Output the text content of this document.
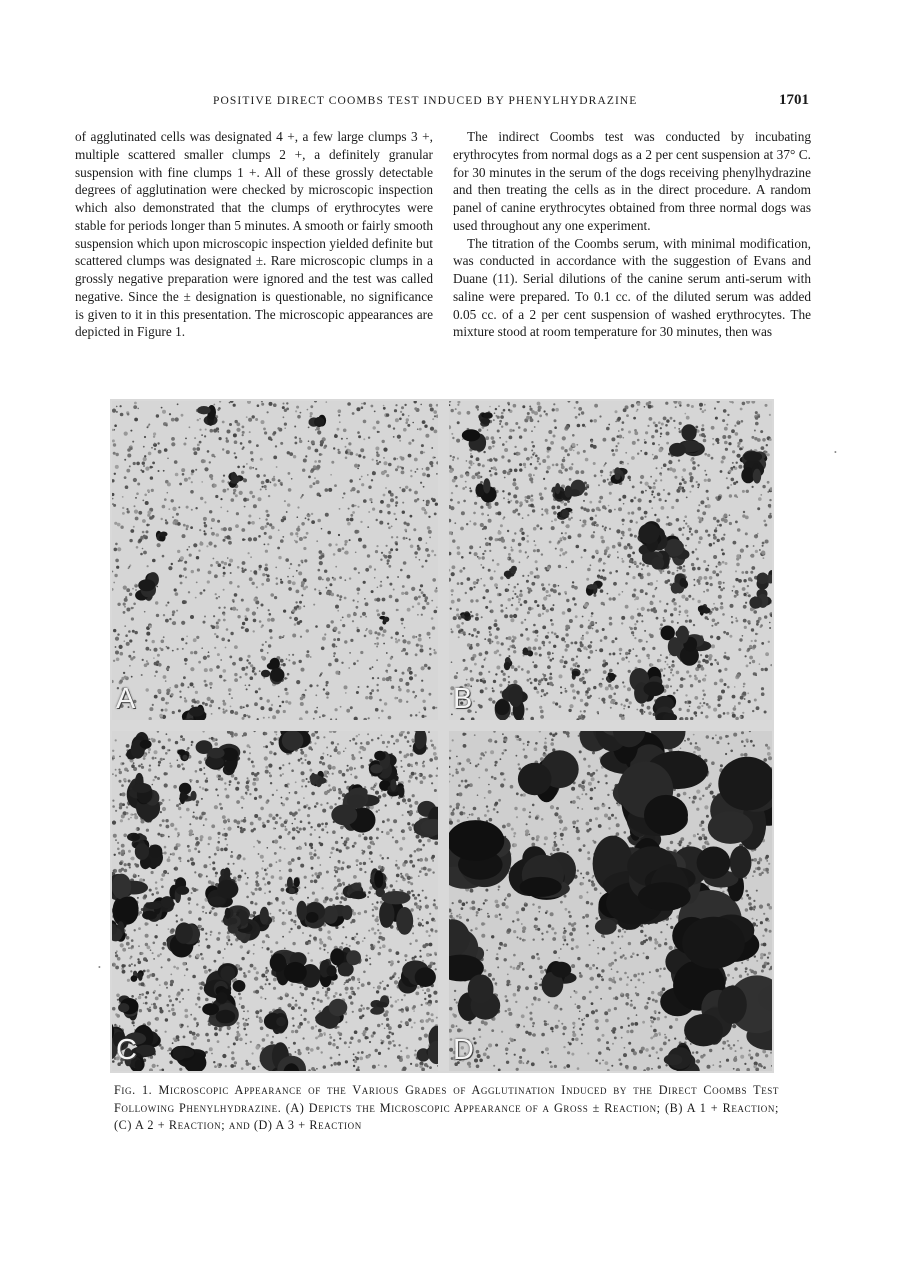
POSITIVE DIRECT COOMBS TEST INDUCED BY PHENYLHYDRAZINE	1701

of agglutinated cells was designated 4 +, a few large clumps 3 +, multiple scattered smaller clumps 2 +, a definitely granular suspension with fine clumps 1 +. All of these grossly detectable degrees of agglutination were checked by microscopic inspection which also demonstrated that the clumps of erythrocytes were stable for periods longer than 5 minutes. A smooth or fairly smooth suspension which upon microscopic inspection yielded definite but scattered clumps was designated ±. Rare microscopic clumps in a grossly negative preparation were ignored and the test was called negative. Since the ± designation is questionable, no significance is given to it in this presentation. The microscopic appearances are depicted in Figure 1.

The indirect Coombs test was conducted by incubating erythrocytes from normal dogs as a 2 per cent suspension at 37° C. for 30 minutes in the serum of the dogs receiving phenylhydrazine and then treating the cells as in the direct procedure. A random panel of canine erythrocytes obtained from three normal dogs was used throughout any one experiment.

The titration of the Coombs serum, with minimal modification, was conducted in accordance with the suggestion of Evans and Duane (11). Serial dilutions of the canine serum anti-serum with saline were prepared. To 0.1 cc. of the diluted serum was added 0.05 cc. of a 2 per cent suspension of washed erythrocytes. The mixture stood at room temperature for 30 minutes, then was

A	B
C	D
Fig. 1. Microscopic Appearance of the Various Grades of Agglutination Induced by the Direct Coombs Test Following Phenylhydrazine. (A) Depicts the Microscopic Appearance of a Gross ± Reaction; (B) A 1 + Reaction; (C) A 2 + Reaction; and (D) A 3 + Reaction
•
•
